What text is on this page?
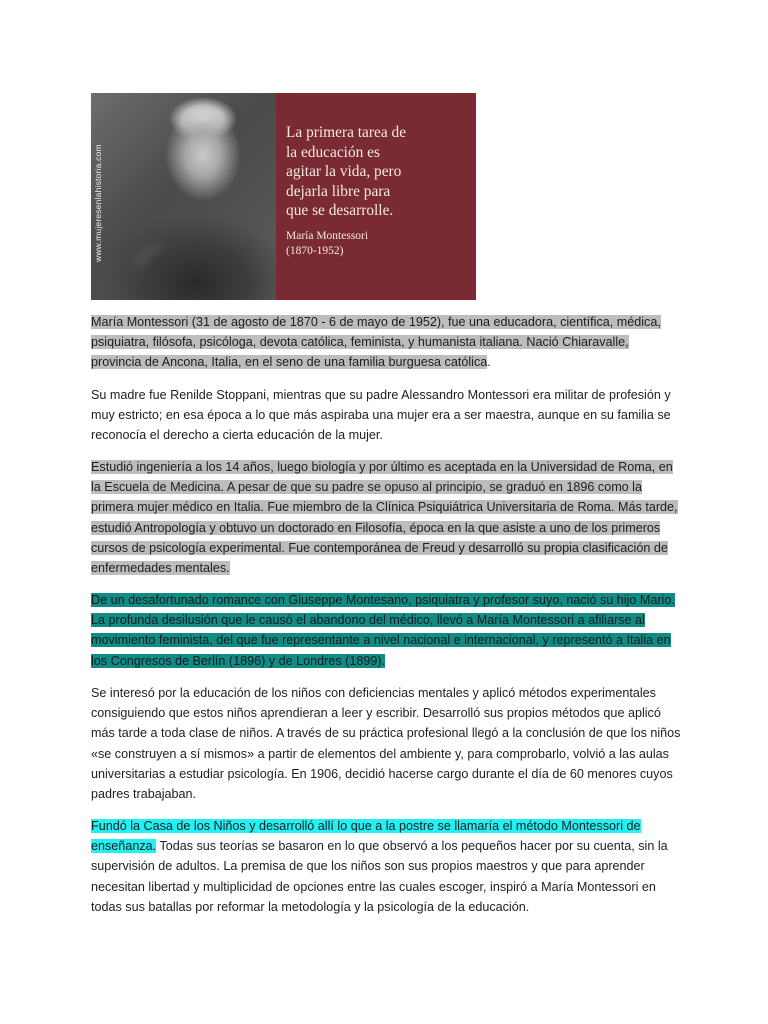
www.mujeresenlahistoria.com

La primera tarea de
la educación es
agitar la vida, pero
dejarla libre para
que se desarrolle.

María Montessori
(1870-1952)

María Montessori (31 de agosto de 1870 - 6 de mayo de 1952), fue una educadora, científica, médica, psiquiatra, filósofa, psicóloga, devota católica, feminista, y humanista italiana. Nació Chiaravalle, provincia de Ancona, Italia, en el seno de una familia burguesa católica.

Su madre fue Renilde Stoppani, mientras que su padre Alessandro Montessori era militar de profesión y muy estricto; en esa época a lo que más aspiraba una mujer era a ser maestra, aunque en su familia se reconocía el derecho a cierta educación de la mujer.

Estudió ingeniería a los 14 años, luego biología y por último es aceptada en la Universidad de Roma, en la Escuela de Medicina. A pesar de que su padre se opuso al principio, se graduó en 1896 como la primera mujer médico en Italia. Fue miembro de la Clínica Psiquiátrica Universitaria de Roma. Más tarde, estudió Antropología y obtuvo un doctorado en Filosofía, época en la que asiste a uno de los primeros cursos de psicología experimental. Fue contemporánea de Freud y desarrolló su propia clasificación de enfermedades mentales.

De un desafortunado romance con Giuseppe Montesano, psiquiatra y profesor suyo, nació su hijo Mario. La profunda desilusión que le causó el abandono del médico, llevó a María Montessori a afiliarse al movimiento feminista, del que fue representante a nivel nacional e internacional, y representó a Italia en los Congresos de Berlín (1896) y de Londres (1899).

Se interesó por la educación de los niños con deficiencias mentales y aplicó métodos experimentales consiguiendo que estos niños aprendieran a leer y escribir. Desarrolló sus propios métodos que aplicó más tarde a toda clase de niños. A través de su práctica profesional llegó a la conclusión de que los niños «se construyen a sí mismos» a partir de elementos del ambiente y, para comprobarlo, volvió a las aulas universitarias a estudiar psicología. En 1906, decidió hacerse cargo durante el día de 60 menores cuyos padres trabajaban.

Fundó la Casa de los Niños y desarrolló allí lo que a la postre se llamaría el método Montessori de enseñanza. Todas sus teorías se basaron en lo que observó a los pequeños hacer por su cuenta, sin la supervisión de adultos. La premisa de que los niños son sus propios maestros y que para aprender necesitan libertad y multiplicidad de opciones entre las cuales escoger, inspiró a María Montessori en todas sus batallas por reformar la metodología y la psicología de la educación.
